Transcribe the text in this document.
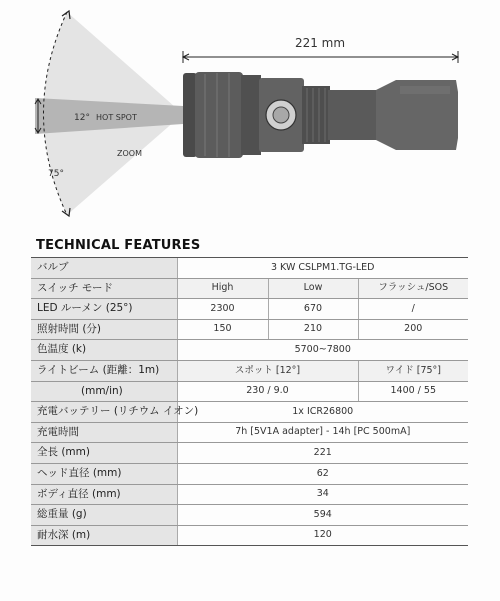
221 mm
12° HOT SPOT
75°
ZOOM
TECHNICAL FEATURES
バルブ	3 KW CSLPM1.TG-LED		
スイッチ モード	High	Low	フラッシュ/SOS
LED ルーメン (25°)	2300	670	/
照射時間 (分)	150	210	200
色温度 (k)	5700~7800		
ライトビーム (距離：1m)	スポット [12°]		ワイド [75°]
(mm/in)	230 / 9.0		1400 / 55
充電バッテリー (リチウム イオン)	1x ICR26800		
充電時間	7h [5V1A adapter] - 14h [PC 500mA]		
全長 (mm)	221		
ヘッド直径 (mm)	62		
ボディ直径 (mm)	34		
総重量 (g)	594		
耐水深 (m)	120		
